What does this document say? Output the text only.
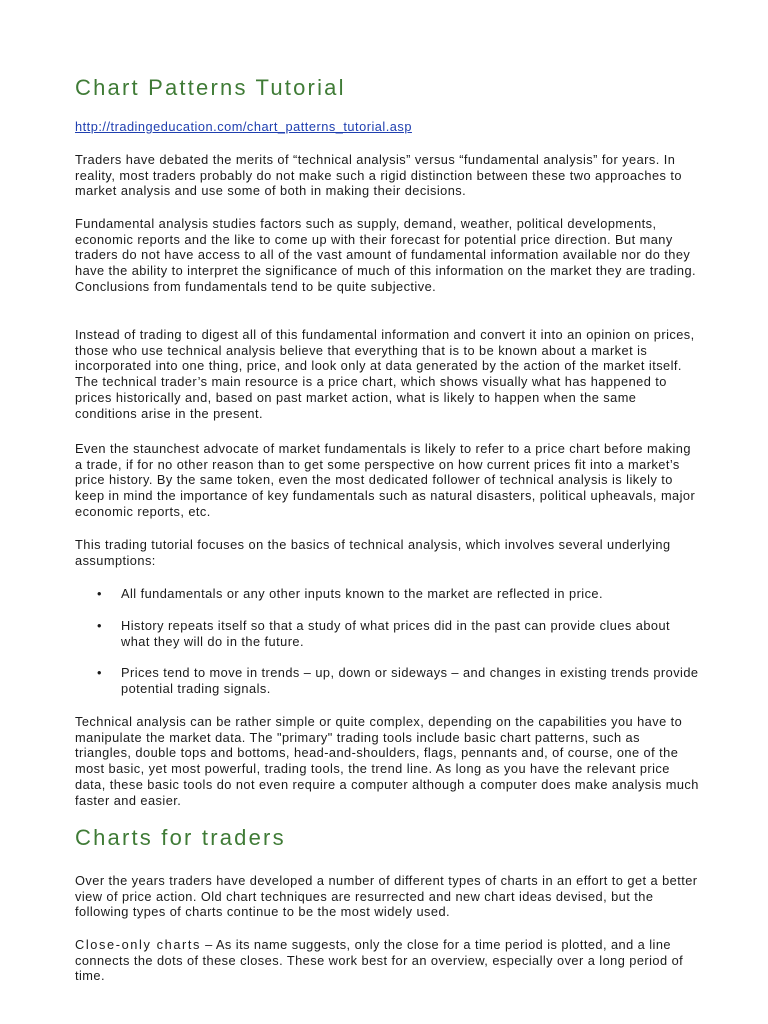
Chart Patterns Tutorial
http://tradingeducation.com/chart_patterns_tutorial.asp

Traders have debated the merits of “technical analysis” versus “fundamental analysis” for years. In reality, most traders probably do not make such a rigid distinction between these two approaches to market analysis and use some of both in making their decisions.

Fundamental analysis studies factors such as supply, demand, weather, political developments, economic reports and the like to come up with their forecast for potential price direction. But many traders do not have access to all of the vast amount of fundamental information available nor do they have the ability to interpret the significance of much of this information on the market they are trading. Conclusions from fundamentals tend to be quite subjective.

Instead of trading to digest all of this fundamental information and convert it into an opinion on prices, those who use technical analysis believe that everything that is to be known about a market is incorporated into one thing, price, and look only at data generated by the action of the market itself. The technical trader’s main resource is a price chart, which shows visually what has happened to prices historically and, based on past market action, what is likely to happen when the same conditions arise in the present.

Even the staunchest advocate of market fundamentals is likely to refer to a price chart before making a trade, if for no other reason than to get some perspective on how current prices fit into a market’s price history. By the same token, even the most dedicated follower of technical analysis is likely to keep in mind the importance of key fundamentals such as natural disasters, political upheavals, major economic reports, etc.

This trading tutorial focuses on the basics of technical analysis, which involves several underlying assumptions:

• All fundamentals or any other inputs known to the market are reflected in price.
• History repeats itself so that a study of what prices did in the past can provide clues about what they will do in the future.
• Prices tend to move in trends – up, down or sideways – and changes in existing trends provide potential trading signals.

Technical analysis can be rather simple or quite complex, depending on the capabilities you have to manipulate the market data. The "primary" trading tools include basic chart patterns, such as triangles, double tops and bottoms, head-and-shoulders, flags, pennants and, of course, one of the most basic, yet most powerful, trading tools, the trend line. As long as you have the relevant price data, these basic tools do not even require a computer although a computer does make analysis much faster and easier.

Charts for traders

Over the years traders have developed a number of different types of charts in an effort to get a better view of price action. Old chart techniques are resurrected and new chart ideas devised, but the following types of charts continue to be the most widely used.

Close-only charts – As its name suggests, only the close for a time period is plotted, and a line connects the dots of these closes. These work best for an overview, especially over a long period of time.
